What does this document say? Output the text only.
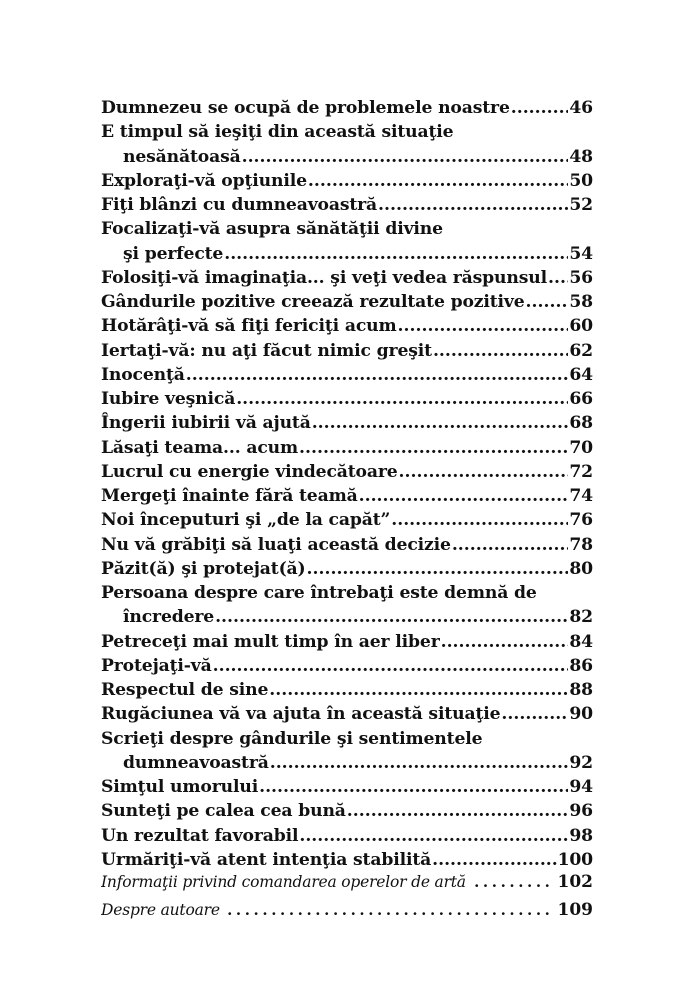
Dumnezeu se ocupă de problemele noastre .....	46
E timpul să ieşiţi din această situaţie
nesănătoasă .....	48
Exploraţi-vă opţiunile .....	50
Fiţi blânzi cu dumneavoastră .....	52
Focalizaţi-vă asupra sănătăţii divine
şi perfecte .....	54
Folosiţi-vă imaginaţia... şi veţi vedea răspunsul ..... 56
Gândurile pozitive creează rezultate pozitive .....	58
Hotărâţi-vă să fiţi fericiţi acum .....	60
Iertaţi-vă: nu aţi făcut nimic greşit .....	62
Inocenţă .....	64
Iubire veşnică .....	66
Îngerii iubirii vă ajută .....	68
Lăsaţi teama... acum .....	70
Lucrul cu energie vindecătoare .....	72
Mergeţi înainte fără teamă .....	74
Noi începuturi şi „de la capăt” .....	76
Nu vă grăbiţi să luaţi această decizie .....	78
Păzit(ă) şi protejat(ă) .....	80
Persoana despre care întrebaţi este demnă de
încredere .....	82
Petreceţi mai mult timp în aer liber .....	84
Protejaţi-vă .....	86
Respectul de sine .....	88
Rugăciunea vă va ajuta în această situaţie .....	90
Scrieţi despre gândurile şi sentimentele
dumneavoastră .....	92
Simţul umorului .....	94
Sunteţi pe calea cea bună .....	96
Un rezultat favorabil .....	98
Urmăriţi-vă atent intenţia stabilită .....	100
Informaţii privind comandarea operelor de artă .....	102
Despre autoare .....	109
